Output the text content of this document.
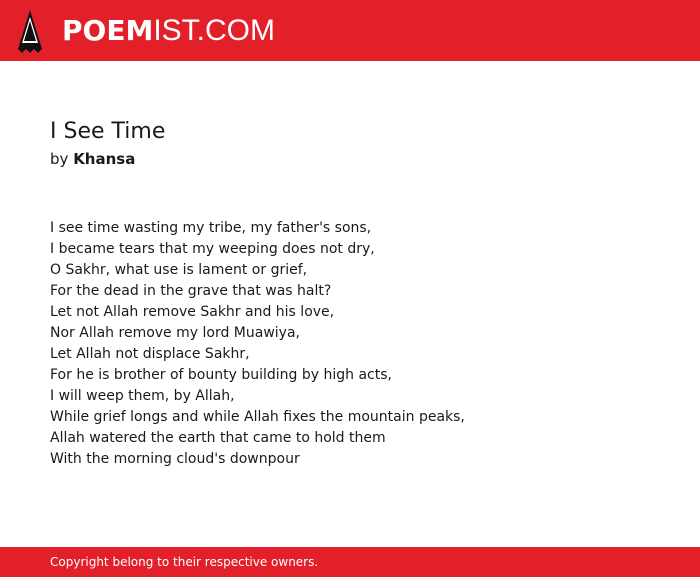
POEMIST.COM
I See Time
by Khansa
I see time wasting my tribe, my father's sons,
I became tears that my weeping does not dry,
O Sakhr, what use is lament or grief,
For the dead in the grave that was halt?
Let not Allah remove Sakhr and his love,
Nor Allah remove my lord Muawiya,
Let Allah not displace Sakhr,
For he is brother of bounty building by high acts,
I will weep them, by Allah,
While grief longs and while Allah fixes the mountain peaks,
Allah watered the earth that came to hold them
With the morning cloud's downpour
Copyright belong to their respective owners.
